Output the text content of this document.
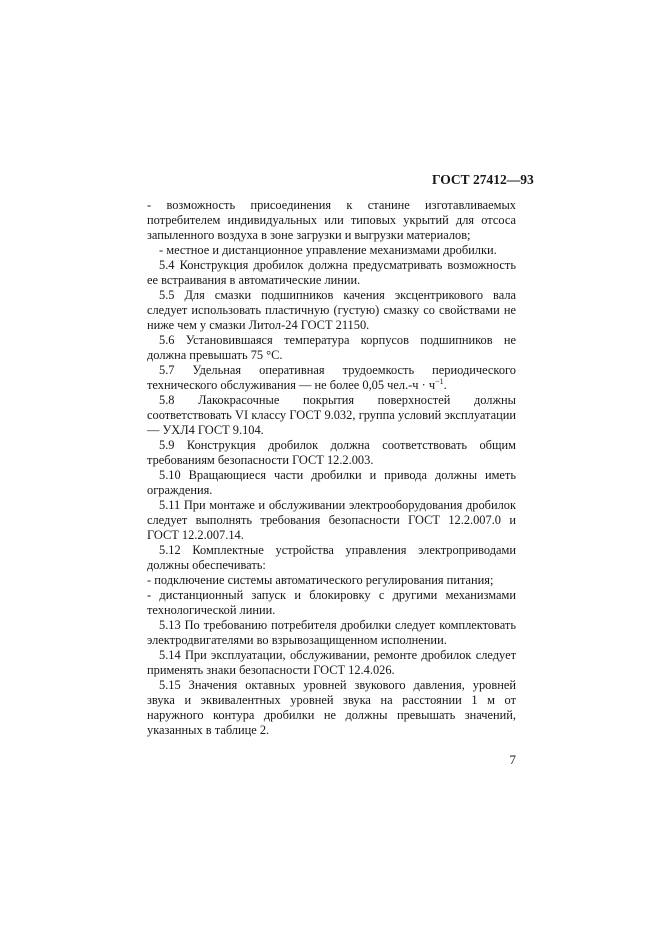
ГОСТ 27412—93

- возможность присоединения к станине изготавливаемых потребителем индивидуальных или типовых укрытий для отсоса запыленного воздуха в зоне загрузки и выгрузки материалов;

- местное и дистанционное управление механизмами дробилки.

5.4 Конструкция дробилок должна предусматривать возможность ее встраивания в автоматические линии.

5.5 Для смазки подшипников качения эксцентрикового вала следует использовать пластичную (густую) смазку со свойствами не ниже чем у смазки Литол-24 ГОСТ 21150.

5.6 Установившаяся температура корпусов подшипников не должна превышать 75 °С.

5.7 Удельная оперативная трудоемкость периодического технического обслуживания — не более 0,05 $чел.-ч \cdot ч^{-1}$.

5.8 Лакокрасочные покрытия поверхностей должны соответствовать VI классу ГОСТ 9.032, группа условий эксплуатации — УХЛ4 ГОСТ 9.104.

5.9 Конструкция дробилок должна соответствовать общим требованиям безопасности ГОСТ 12.2.003.

5.10 Вращающиеся части дробилки и привода должны иметь ограждения.

5.11 При монтаже и обслуживании электрооборудования дробилок следует выполнять требования безопасности ГОСТ 12.2.007.0 и ГОСТ 12.2.007.14.

5.12 Комплектные устройства управления электроприводами должны обеспечивать:

- подключение системы автоматического регулирования питания;

- дистанционный запуск и блокировку с другими механизмами технологической линии.

5.13 По требованию потребителя дробилки следует комплектовать электродвигателями во взрывозащищенном исполнении.

5.14 При эксплуатации, обслуживании, ремонте дробилок следует применять знаки безопасности ГОСТ 12.4.026.

5.15 Значения октавных уровней звукового давления, уровней звука и эквивалентных уровней звука на расстоянии 1 м от наружного контура дробилки не должны превышать значений, указанных в таблице 2.

7
